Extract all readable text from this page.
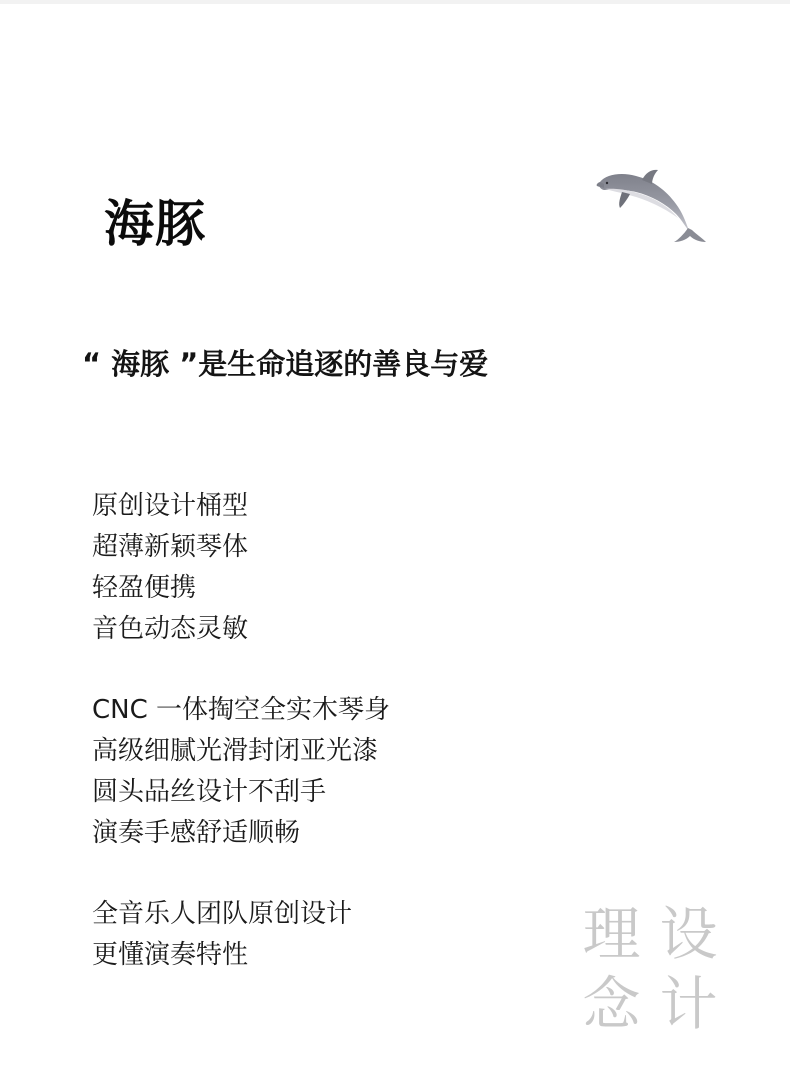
海豚
“ 海豚 ”是生命追逐的善良与爱
原创设计桶型
超薄新颖琴体
轻盈便携
音色动态灵敏
CNC 一体掏空全实木琴身
高级细腻光滑封闭亚光漆
圆头品丝设计不刮手
演奏手感舒适顺畅
全音乐人团队原创设计
更懂演奏特性	理 设
念 计
